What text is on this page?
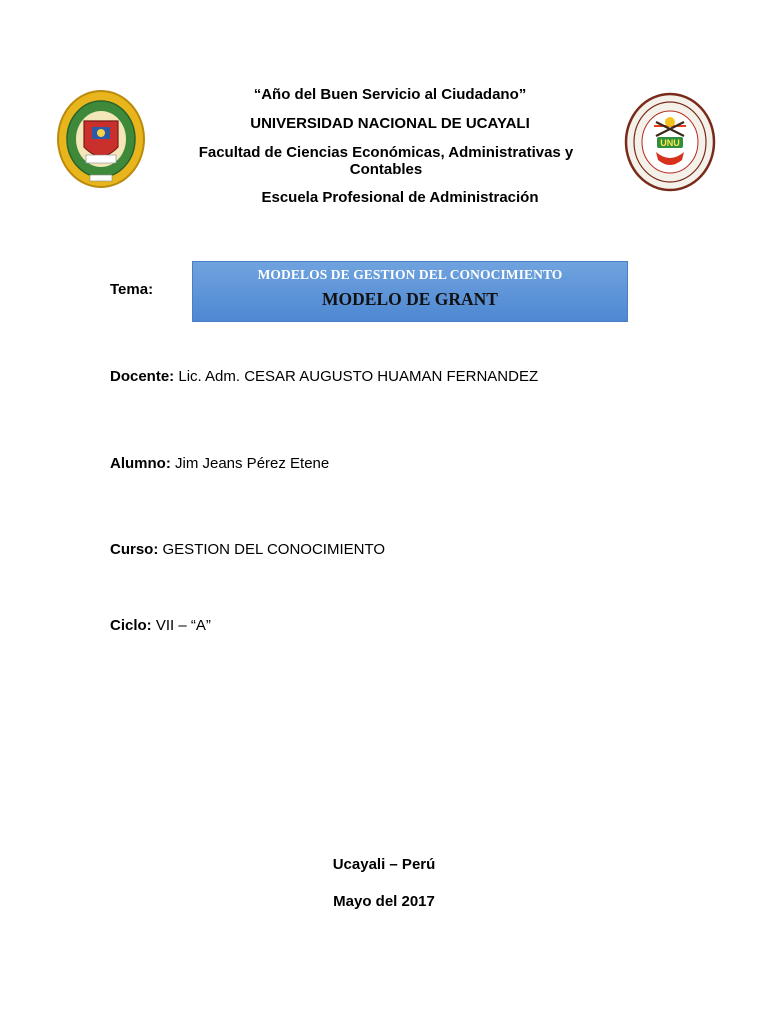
UNU
“Año del Buen Servicio al Ciudadano”
UNIVERSIDAD NACIONAL DE UCAYALI
Facultad de Ciencias Económicas, Administrativas y Contables
Escuela Profesional de Administración
Tema:
MODELOS DE GESTION DEL CONOCIMIENTO
MODELO DE GRANT
Docente: Lic. Adm. CESAR AUGUSTO HUAMAN FERNANDEZ
Alumno: Jim Jeans Pérez Etene
Curso: GESTION DEL CONOCIMIENTO
Ciclo: VII – “A”
Ucayali – Perú
Mayo del 2017
